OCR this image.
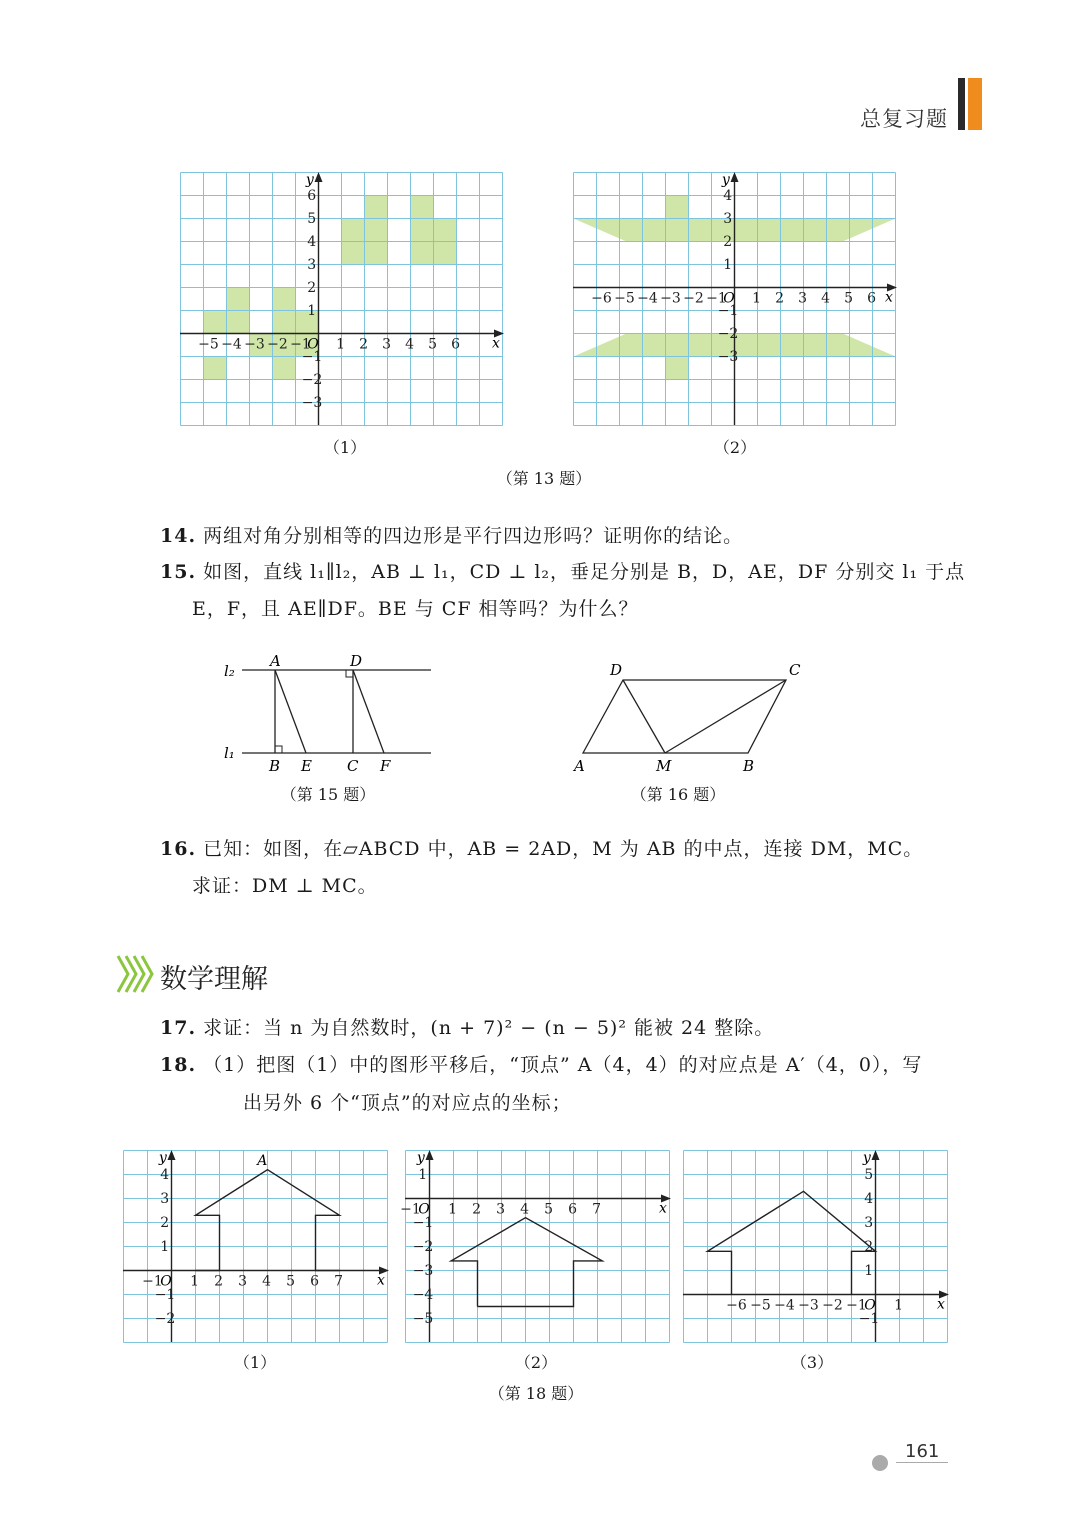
总复习题
−5 −4 −3 −2 −1 1 2 3 4 5 6
6
5
4
3
2
1
−1
−2
−3
O	x
y
−6 −5 −4 −3 −2 −1 1 2 3 4 5 6
4
3
2
1
−1
−2
−3
O	x
y
（1）	（2）
（第 13 题）
14. 两组对角分别相等的四边形是平行四边形吗？证明你的结论。
15. 如图，直线 l₁∥l₂，AB ⊥ l₁，CD ⊥ l₂，垂足分别是 B，D，AE，DF 分别交 l₁ 于点
E，F，且 AE∥DF。BE 与 CF 相等吗？为什么？
l₂
l₁
A	D
B E C F
（第 15 题）
D	C
A	M	B
（第 16 题）
16. 已知：如图，在▱ABCD 中，AB = 2AD，M 为 AB 的中点，连接 DM，MC。
求证：DM ⊥ MC。
数学理解
17. 求证：当 n 为自然数时，(n + 7)² − (n − 5)² 能被 24 整除。
18. （1）把图（1）中的图形平移后，“顶点” A（4，4）的对应点是 A′（4，0），写
出另外 6 个“顶点”的对应点的坐标；
−1 1 2 3 4 5 6 7
4
3
2
1
−1
−2
O	x
y	A
−1 1 2 3 4 5 6 7
1
−1
−2
−3
−4
−5
O	x
y
−6 −5 −4 −3 −2 −1 1
5
4
3
2
1
−1
O	x
y
（1）	（2）	（3）
（第 18 题）
161
